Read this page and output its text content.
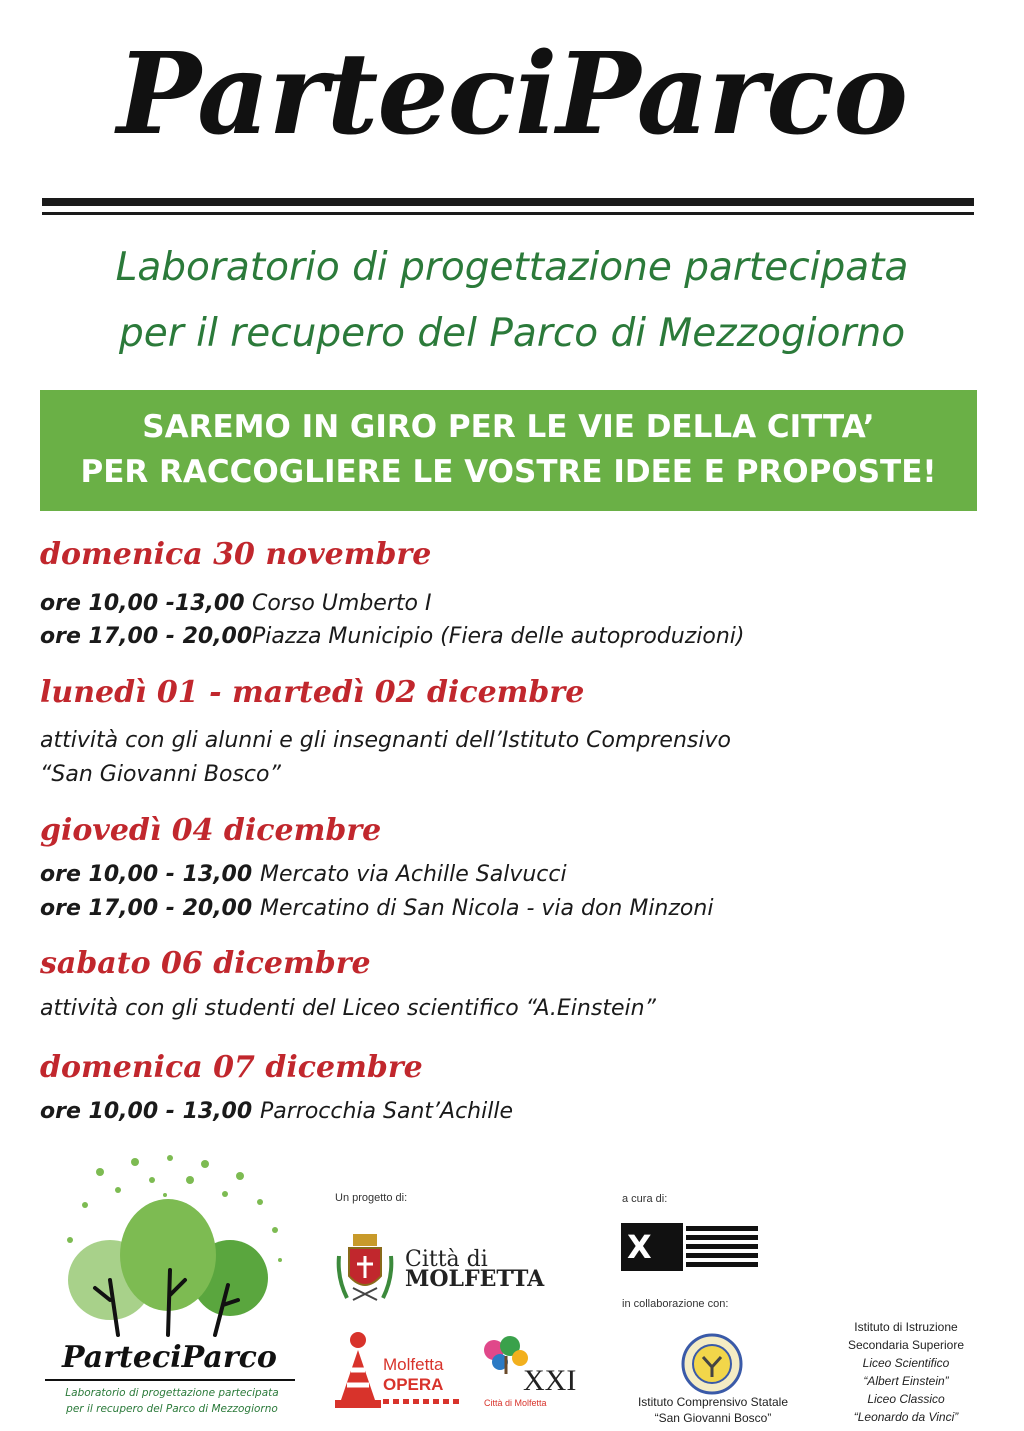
ParteciParco
Laboratorio di progettazione partecipata
per il recupero del Parco di Mezzogiorno
SAREMO IN GIRO PER LE VIE DELLA CITTA’
PER RACCOGLIERE LE VOSTRE IDEE E PROPOSTE!
domenica 30 novembre
ore 10,00 -13,00 Corso Umberto I
ore 17,00 - 20,00Piazza Municipio (Fiera delle autoproduzioni)
lunedì 01 - martedì 02 dicembre
attività con gli alunni e gli insegnanti dell’Istituto Comprensivo
“San Giovanni Bosco”
giovedì 04 dicembre
ore 10,00 - 13,00 Mercato via Achille Salvucci
ore 17,00 - 20,00 Mercatino di San Nicola - via don Minzoni
sabato 06 dicembre
attività con gli studenti del Liceo scientifico “A.Einstein”
domenica 07 dicembre
ore 10,00 - 13,00 Parrocchia Sant’Achille
ParteciParco
Laboratorio di progettazione partecipata
per il recupero del Parco di Mezzogiorno
Un progetto di:
Città di
MOLFETTA
Molfetta
OPERA	XXI
Città di Molfetta
a cura di:
X
in collaborazione con:
Istituto Comprensivo Statale
“San Giovanni Bosco”
Istituto di Istruzione
Secondaria Superiore
Liceo Scientifico
“Albert Einstein”
Liceo Classico
“Leonardo da Vinci”
